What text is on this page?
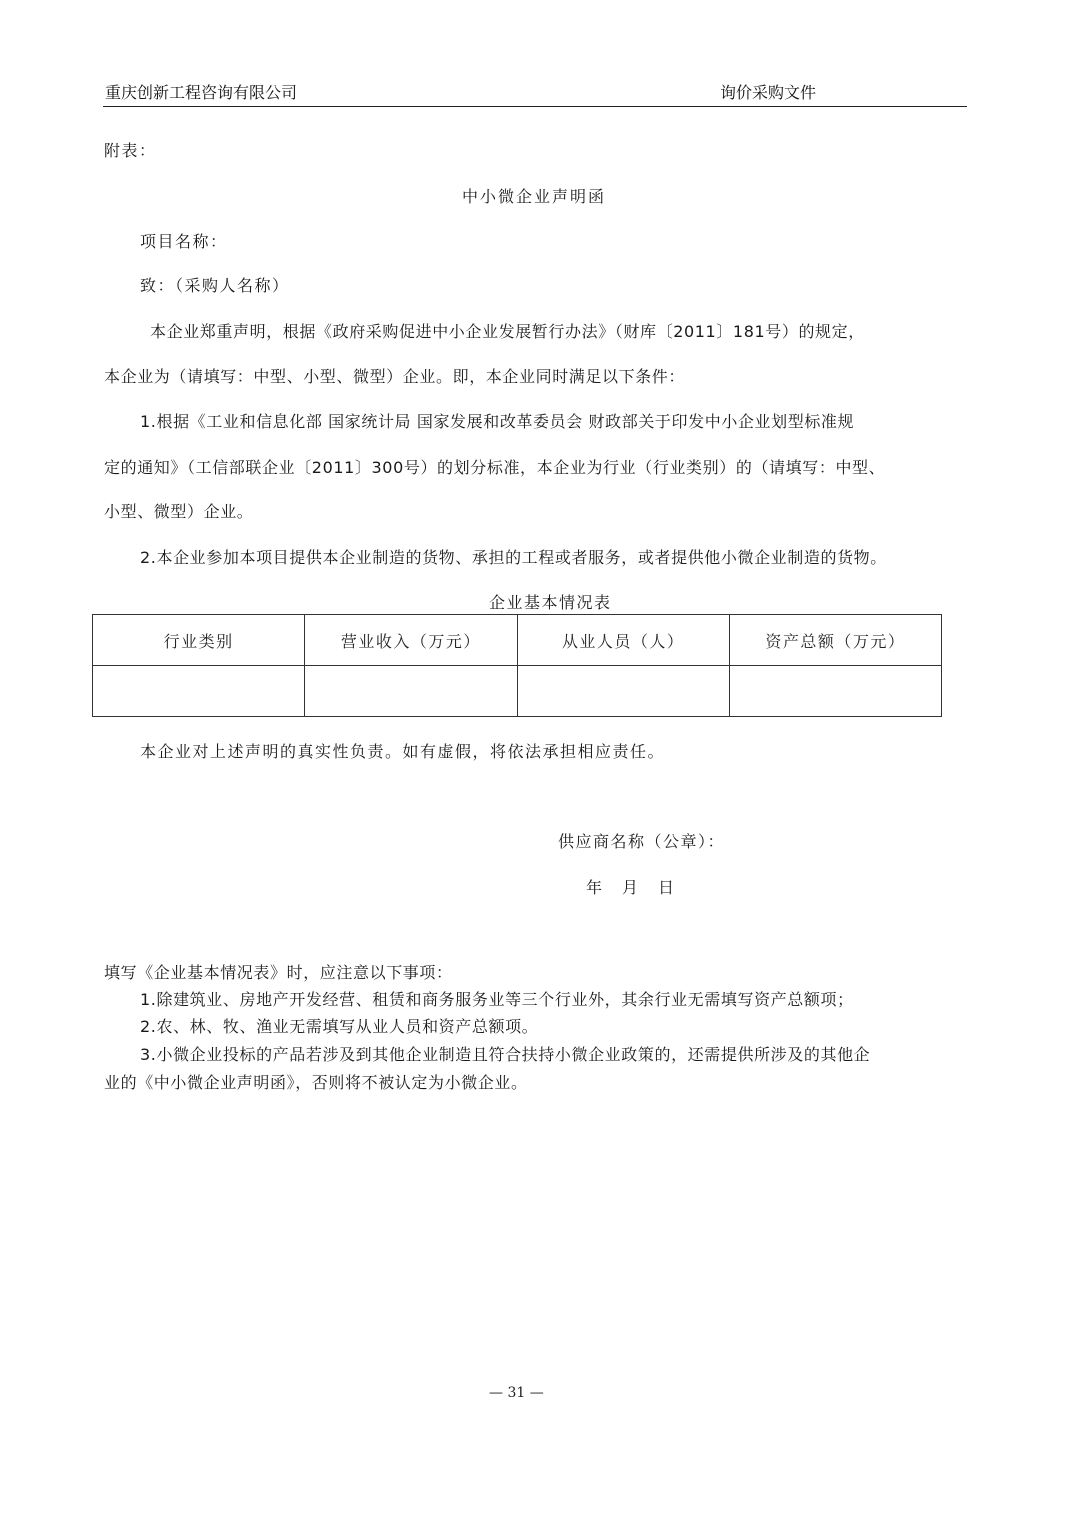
重庆创新工程咨询有限公司	询价采购文件
附表：
中小微企业声明函
项目名称：
致：（采购人名称）
本企业郑重声明，根据《政府采购促进中小企业发展暂行办法》（财库〔2011〕181号）的规定，
本企业为（请填写：中型、小型、微型）企业。即，本企业同时满足以下条件：
1.根据《工业和信息化部 国家统计局 国家发展和改革委员会 财政部关于印发中小企业划型标准规
定的通知》（工信部联企业〔2011〕300号）的划分标准，本企业为行业（行业类别）的（请填写：中型、
小型、微型）企业。
2.本企业参加本项目提供本企业制造的货物、承担的工程或者服务，或者提供他小微企业制造的货物。
企业基本情况表
行业类别	营业收入（万元）	从业人员（人）	资产总额（万元）

本企业对上述声明的真实性负责。如有虚假，将依法承担相应责任。
供应商名称（公章）：
年　月　日
填写《企业基本情况表》时，应注意以下事项：
1.除建筑业、房地产开发经营、租赁和商务服务业等三个行业外，其余行业无需填写资产总额项；
2.农、林、牧、渔业无需填写从业人员和资产总额项。
3.小微企业投标的产品若涉及到其他企业制造且符合扶持小微企业政策的，还需提供所涉及的其他企
业的《中小微企业声明函》，否则将不被认定为小微企业。
— 31 —
